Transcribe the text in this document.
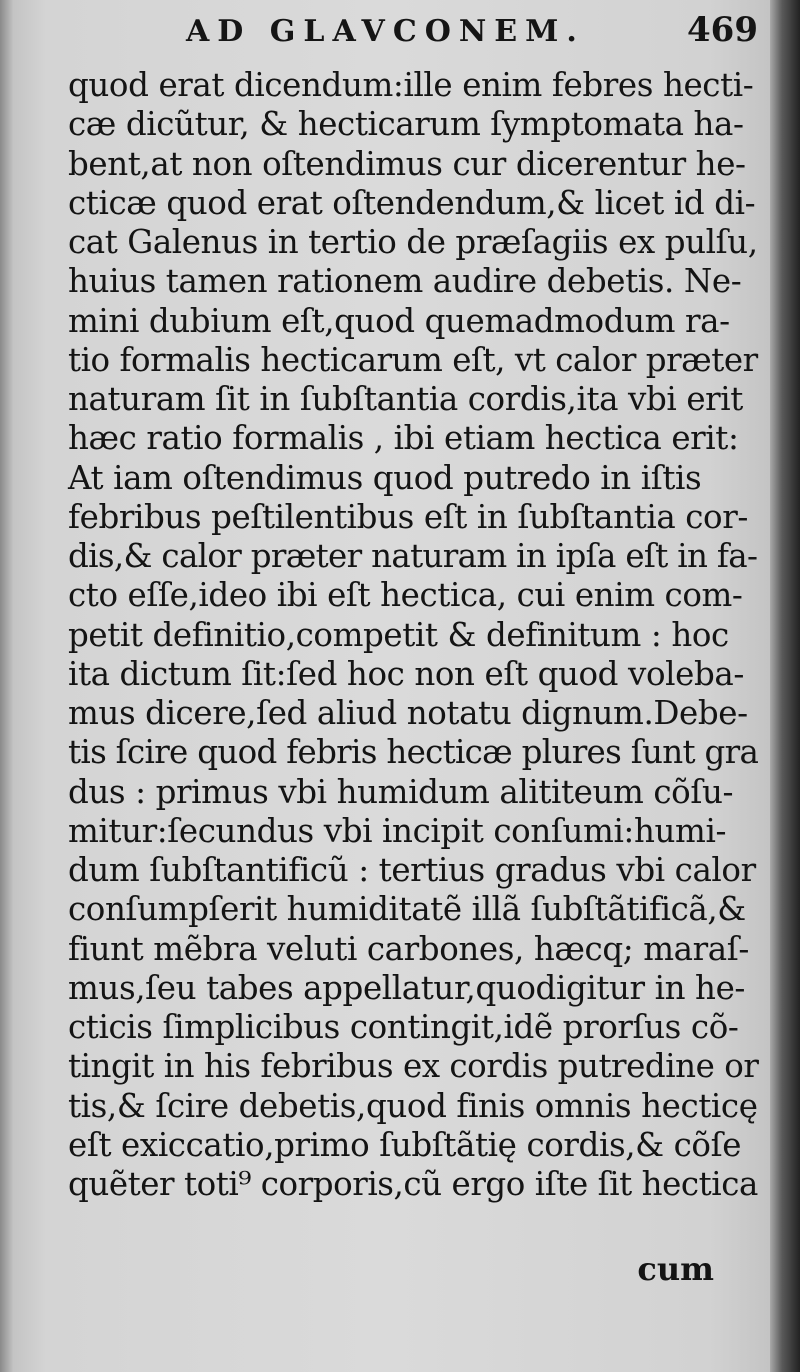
AD GLAVCONEM.	469
quod erat dicendum:ille enim febres hecti-
cæ dicũtur, & hecticarum ſymptomata ha-
bent,at non oſtendimus cur dicerentur he-
cticæ quod erat oſtendendum,& licet id di-
cat Galenus in tertio de præſagiis ex pulſu,
huius tamen rationem audire debetis. Ne-
mini dubium eſt,quod quemadmodum ra-
tio formalis hecticarum eſt, vt calor præter
naturam ſit in ſubſtantia cordis,ita vbi erit
hæc ratio formalis , ibi etiam hectica erit:
At iam oſtendimus quod putredo in iſtis
febribus peſtilentibus eſt in ſubſtantia cor-
dis,& calor præter naturam in ipſa eſt in fa-
cto eſſe,ideo ibi eſt hectica, cui enim com-
petit definitio,competit & definitum : hoc
ita dictum ſit:ſed hoc non eſt quod voleba-
mus dicere,ſed aliud notatu dignum.Debe-
tis ſcire quod febris hecticæ plures ſunt gra
dus : primus vbi humidum alititeum cõſu-
mitur:ſecundus vbi incipit conſumi:humi-
dum ſubſtantificũ : tertius gradus vbi calor
conſumpſerit humiditatẽ illã ſubſtãtificã,&
fiunt mẽbra veluti carbones, hæcq; maraſ-
mus,ſeu tabes appellatur,quodigitur in he-
cticis ſimplicibus contingit,idẽ prorſus cõ-
tingit in his febribus ex cordis putredine or
tis,& ſcire debetis,quod finis omnis hecticę
eſt exiccatio,primo ſubſtãtię cordis,& cõſe
quẽter toti⁹ corporis,cũ ergo iſte ſit hectica
cum
